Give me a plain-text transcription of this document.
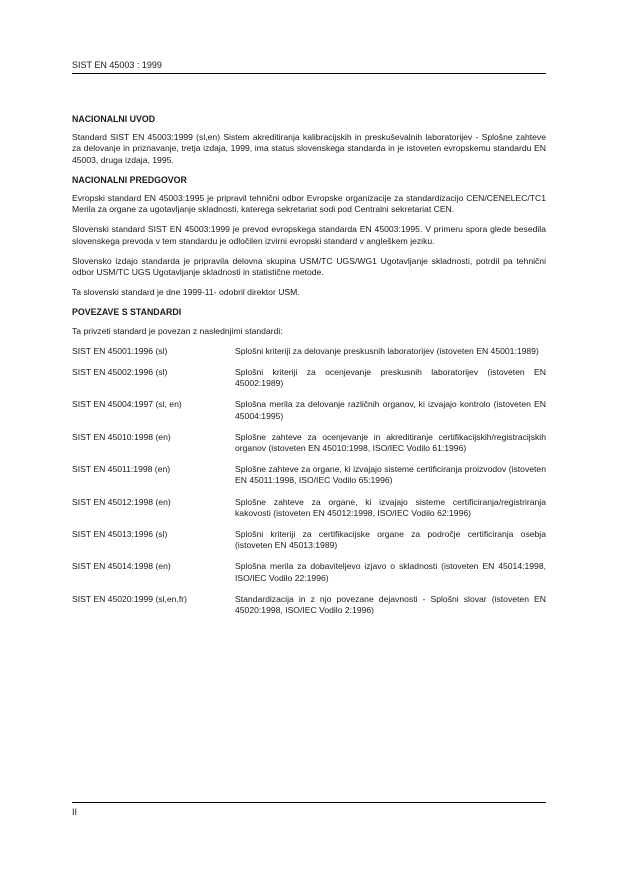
SIST EN 45003 : 1999
NACIONALNI UVOD

Standard SIST EN 45003:1999 (sl,en) Sistem akreditiranja kalibracijskih in preskuševalnih laboratorijev - Splošne zahteve za delovanje in priznavanje, tretja izdaja, 1999, ima status slovenskega standarda in je istoveten evropskemu standardu EN 45003, druga izdaja, 1995.

NACIONALNI PREDGOVOR

Evropski standard EN 45003:1995 je pripravil tehnični odbor Evropske organizacije za standardizacijo CEN/CENELEC/TC1 Merila za organe za ugotavljanje skladnosti, kateregа sekretariat sodi pod Centralni sekretariat CEN.

Slovenski standard SIST EN 45003:1999 je prevod evropskega standarda EN 45003:1995. V primeru spora glede besedila slovenskega prevoda v tem standardu je odločilen izvirni evropski standard v angleškem jeziku.

Slovensko izdajo standarda je pripravila delovna skupina USM/TC UGS/WG1 Ugotavljanje skladnosti, potrdil pa tehnični odbor USM/TC UGS Ugotavljanje skladnosti in statistične metode.

Ta slovenski standard je dne 1999-11- odobril direktor USM.

POVEZAVE S STANDARDI

Ta privzeti standard je povezan z naslednjimi standardi:

SIST EN 45001:1996 (sl)	Splošni kriteriji za delovanje preskusnih laboratorijev (istoveten EN 45001:1989)
SIST EN 45002:1996 (sl)	Splošni kriteriji za ocenjevanje preskusnih laboratorijev (istoveten EN 45002:1989)
SIST EN 45004:1997 (sl, en)	Splošna merila za delovanje različnih organov, ki izvajajo kontrolo (istoveten EN 45004:1995)
SIST EN 45010:1998 (en)	Splošne zahteve za ocenjevanje in akreditiranje certifikacijskih/registracijskih organov (istoveten EN 45010:1998, ISO/IEC Vodilo 61:1996)
SIST EN 45011:1998 (en)	Splošne zahteve za organe, ki izvajajo sisteme certificiranja proizvodov (istoveten EN 45011:1998, ISO/IEC Vodilo 65:1996)
SIST EN 45012:1998 (en)	Splošne zahteve za organe, ki izvajajo sisteme certificiranja/registriranja kakovosti (istoveten EN 45012:1998, ISO/IEC Vodilo 62:1996)
SIST EN 45013:1996 (sl)	Splošni kriteriji za certifikacijske organe za področje certificiranja osebja (istoveten EN 45013:1989)
SIST EN 45014:1998 (en)	Splošna merila za dobaviteljevo izjavo o skladnosti (istoveten EN 45014:1998, ISO/IEC Vodilo 22:1996)
SIST EN 45020:1999 (sl,en,fr)	Standardizacija in z njo povezane dejavnosti - Splošni slovar (istoveten EN 45020:1998, ISO/IEC Vodilo 2:1996)
II
